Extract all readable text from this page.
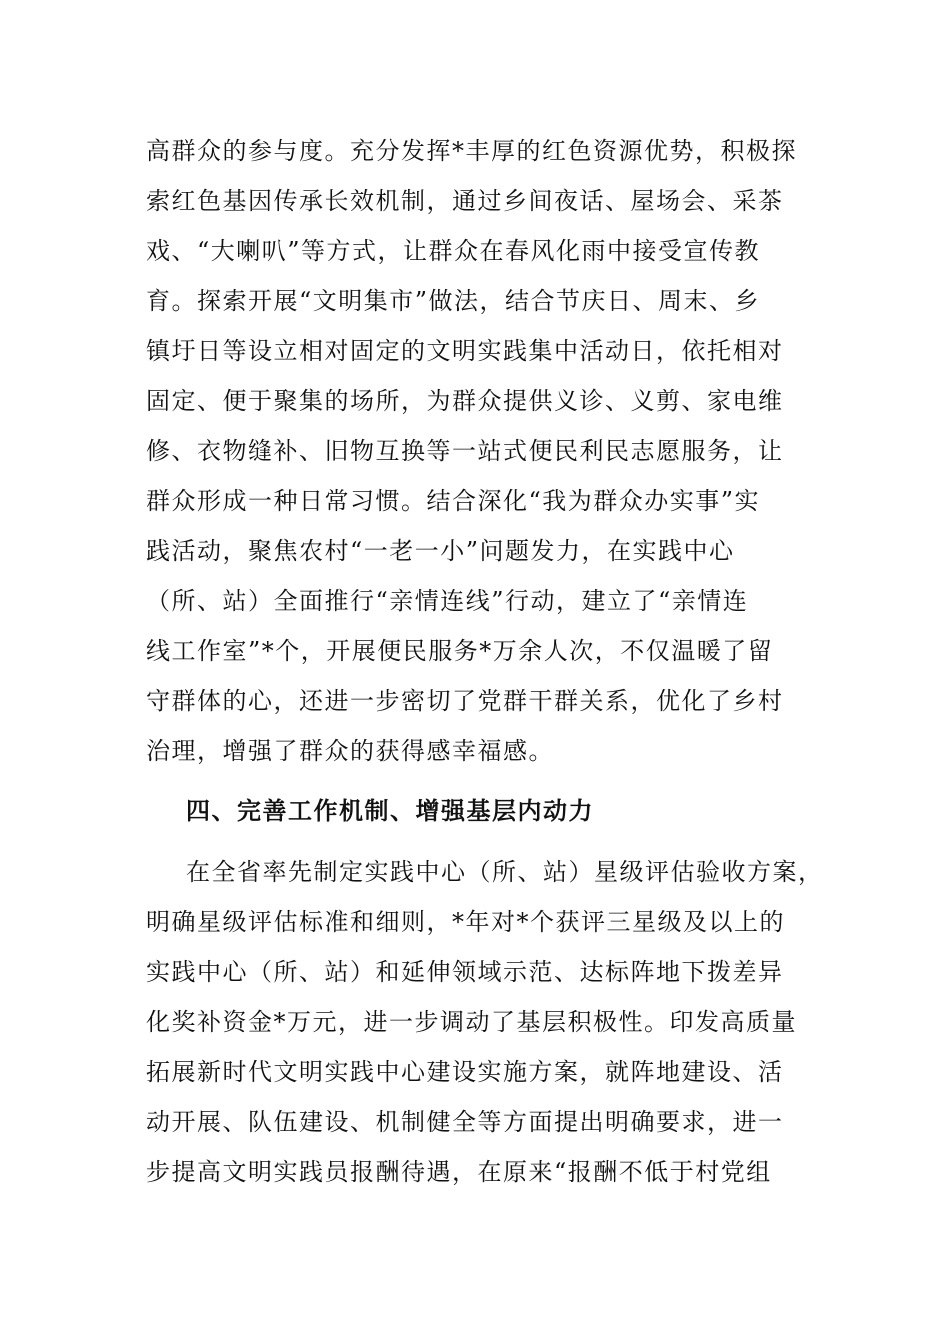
高群众的参与度。充分发挥*丰厚的红色资源优势，积极探
索红色基因传承长效机制，通过乡间夜话、屋场会、采茶
戏、“大喇叭”等方式，让群众在春风化雨中接受宣传教
育。探索开展“文明集市”做法，结合节庆日、周末、乡
镇圩日等设立相对固定的文明实践集中活动日，依托相对
固定、便于聚集的场所，为群众提供义诊、义剪、家电维
修、衣物缝补、旧物互换等一站式便民利民志愿服务，让
群众形成一种日常习惯。结合深化“我为群众办实事”实
践活动，聚焦农村“一老一小”问题发力，在实践中心
（所、站）全面推行“亲情连线”行动，建立了“亲情连
线工作室”*个，开展便民服务*万余人次，不仅温暖了留
守群体的心，还进一步密切了党群干群关系，优化了乡村
治理，增强了群众的获得感幸福感。
四、完善工作机制、增强基层内动力
在全省率先制定实践中心（所、站）星级评估验收方案，
明确星级评估标准和细则，*年对*个获评三星级及以上的
实践中心（所、站）和延伸领域示范、达标阵地下拨差异
化奖补资金*万元，进一步调动了基层积极性。印发高质量
拓展新时代文明实践中心建设实施方案，就阵地建设、活
动开展、队伍建设、机制健全等方面提出明确要求，进一
步提高文明实践员报酬待遇，在原来“报酬不低于村党组
